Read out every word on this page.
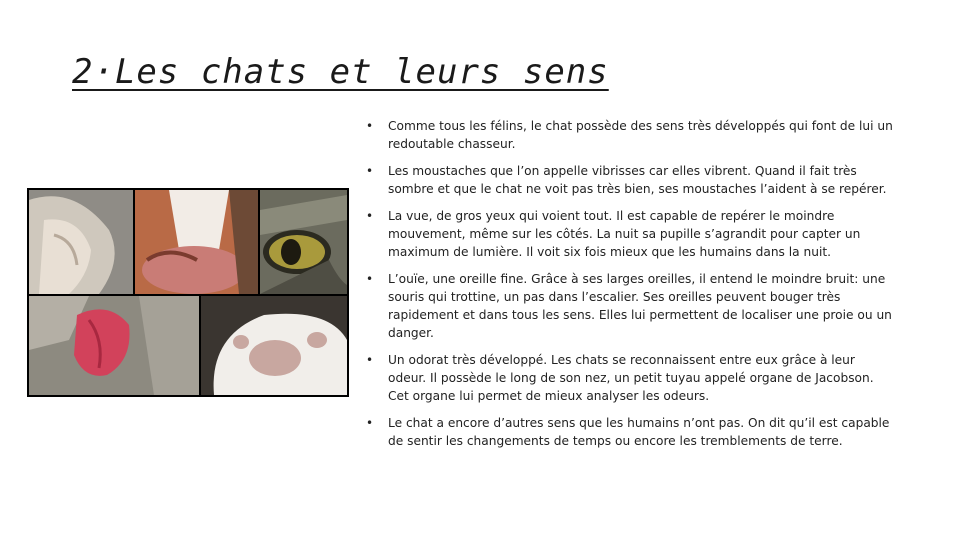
2·Les chats et leurs sens
• Comme tous les félins, le chat possède des sens très développés qui font de lui un redoutable chasseur.
• Les moustaches que l’on appelle vibrisses car elles vibrent. Quand il fait très sombre et que le chat ne voit pas très bien, ses moustaches l’aident à se repérer.
• La vue, de gros yeux qui voient tout. Il est capable de repérer le moindre mouvement, même sur les côtés. La nuit sa pupille s’agrandit pour capter un maximum de lumière. Il voit six fois mieux que les humains dans la nuit.
• L’ouïe, une oreille fine. Grâce à ses larges oreilles, il entend le moindre bruit: une souris qui trottine, un pas dans l’escalier. Ses oreilles peuvent bouger très rapidement et dans tous les sens. Elles lui permettent de localiser une proie ou un danger.
• Un odorat très développé. Les chats se reconnaissent entre eux grâce à leur odeur. Il possède le long de son nez, un petit tuyau appelé organe de Jacobson. Cet organe lui permet de mieux analyser les odeurs.
• Le chat a encore d’autres sens que les humains n’ont pas. On dit qu’il est capable de sentir les changements de temps ou encore les tremblements de terre.
